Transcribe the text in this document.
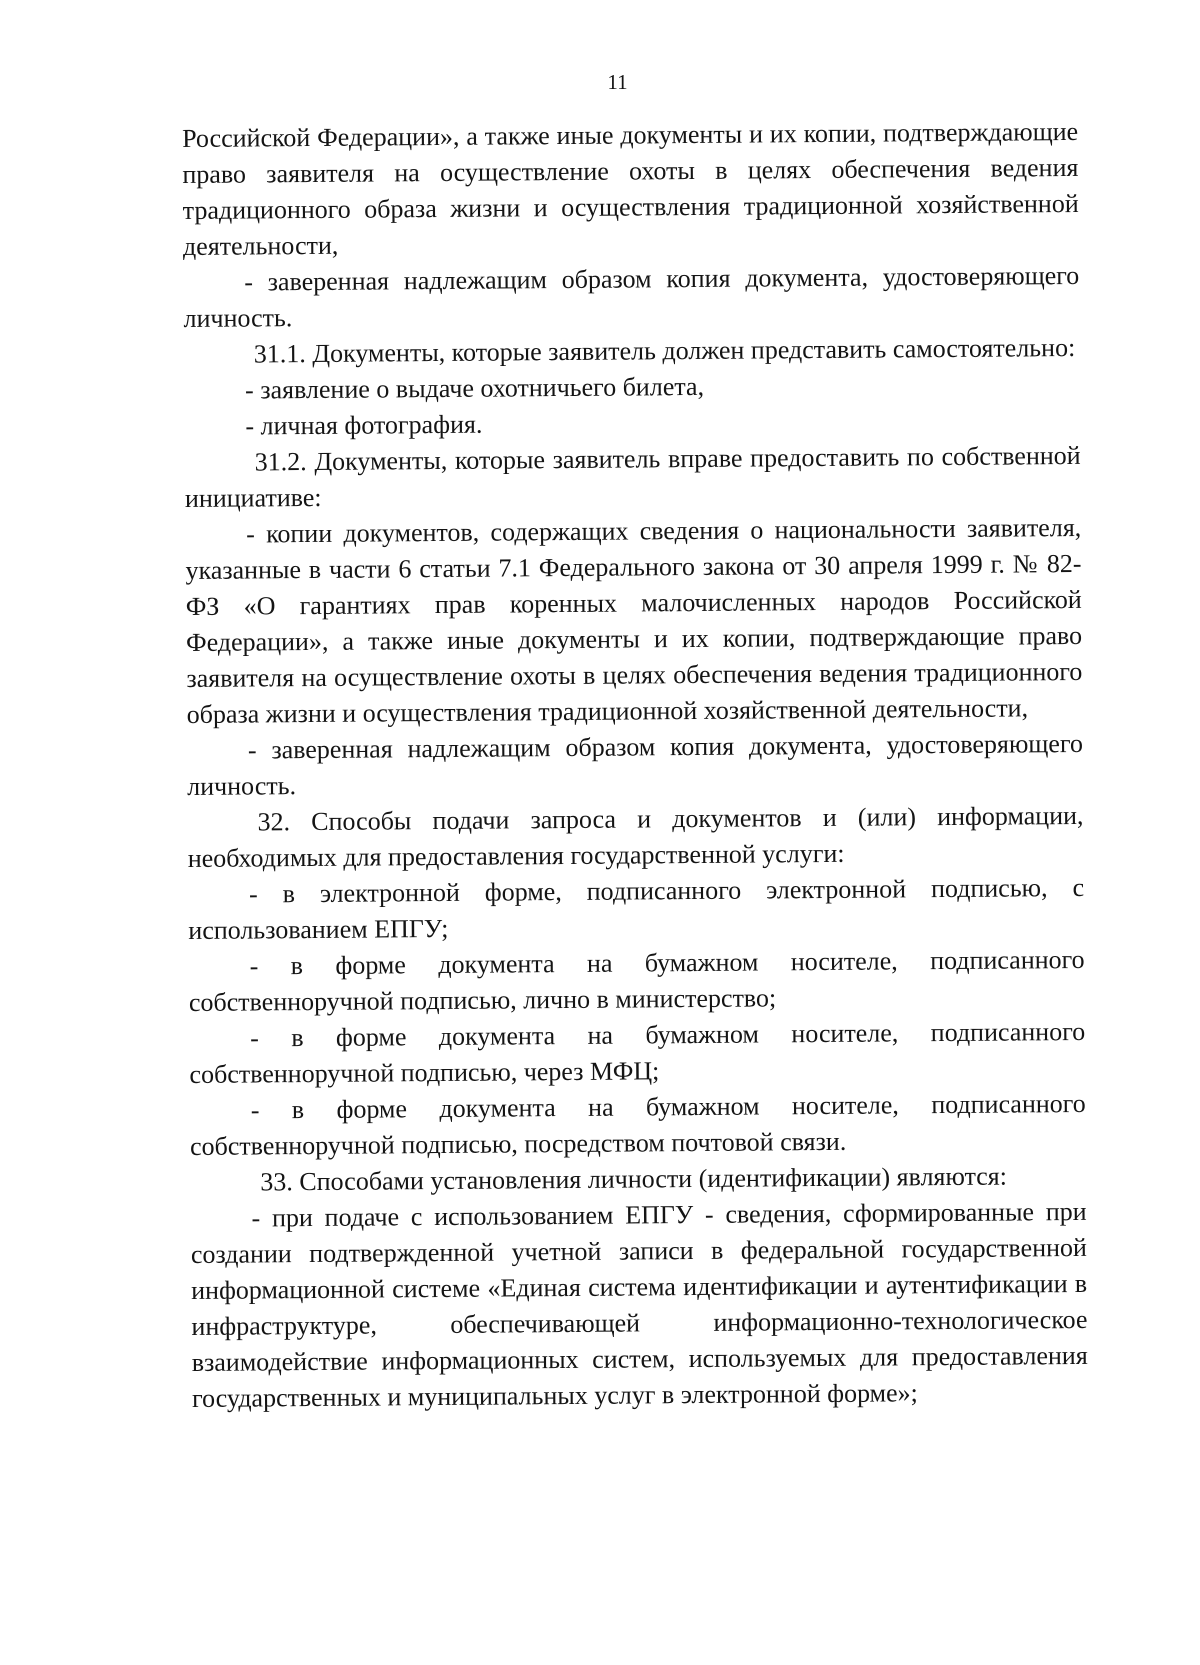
11

Российской Федерации», а также иные документы и их копии, подтверждающие право заявителя на осуществление охоты в целях обеспечения ведения традиционного образа жизни и осуществления традиционной хозяйственной деятельности,

- заверенная надлежащим образом копия документа, удостоверяющего личность.

31.1. Документы, которые заявитель должен представить самостоятельно:

- заявление о выдаче охотничьего билета,

- личная фотография.

31.2. Документы, которые заявитель вправе предоставить по собственной инициативе:

- копии документов, содержащих сведения о национальности заявителя, указанные в части 6 статьи 7.1 Федерального закона от 30 апреля 1999 г. № 82-ФЗ «О гарантиях прав коренных малочисленных народов Российской Федерации», а также иные документы и их копии, подтверждающие право заявителя на осуществление охоты в целях обеспечения ведения традиционного образа жизни и осуществления традиционной хозяйственной деятельности,

- заверенная надлежащим образом копия документа, удостоверяющего личность.

32. Способы подачи запроса и документов и (или) информации, необходимых для предоставления государственной услуги:

- в электронной форме, подписанного электронной подписью, с использованием ЕПГУ;

- в форме документа на бумажном носителе, подписанного собственноручной подписью, лично в министерство;

- в форме документа на бумажном носителе, подписанного собственноручной подписью, через МФЦ;

- в форме документа на бумажном носителе, подписанного собственноручной подписью, посредством почтовой связи.

33. Способами установления личности (идентификации) являются:

- при подаче с использованием ЕПГУ - сведения, сформированные при создании подтвержденной учетной записи в федеральной государственной информационной системе «Единая система идентификации и аутентификации в инфраструктуре, обеспечивающей информационно-технологическое взаимодействие информационных систем, используемых для предоставления государственных и муниципальных услуг в электронной форме»;
